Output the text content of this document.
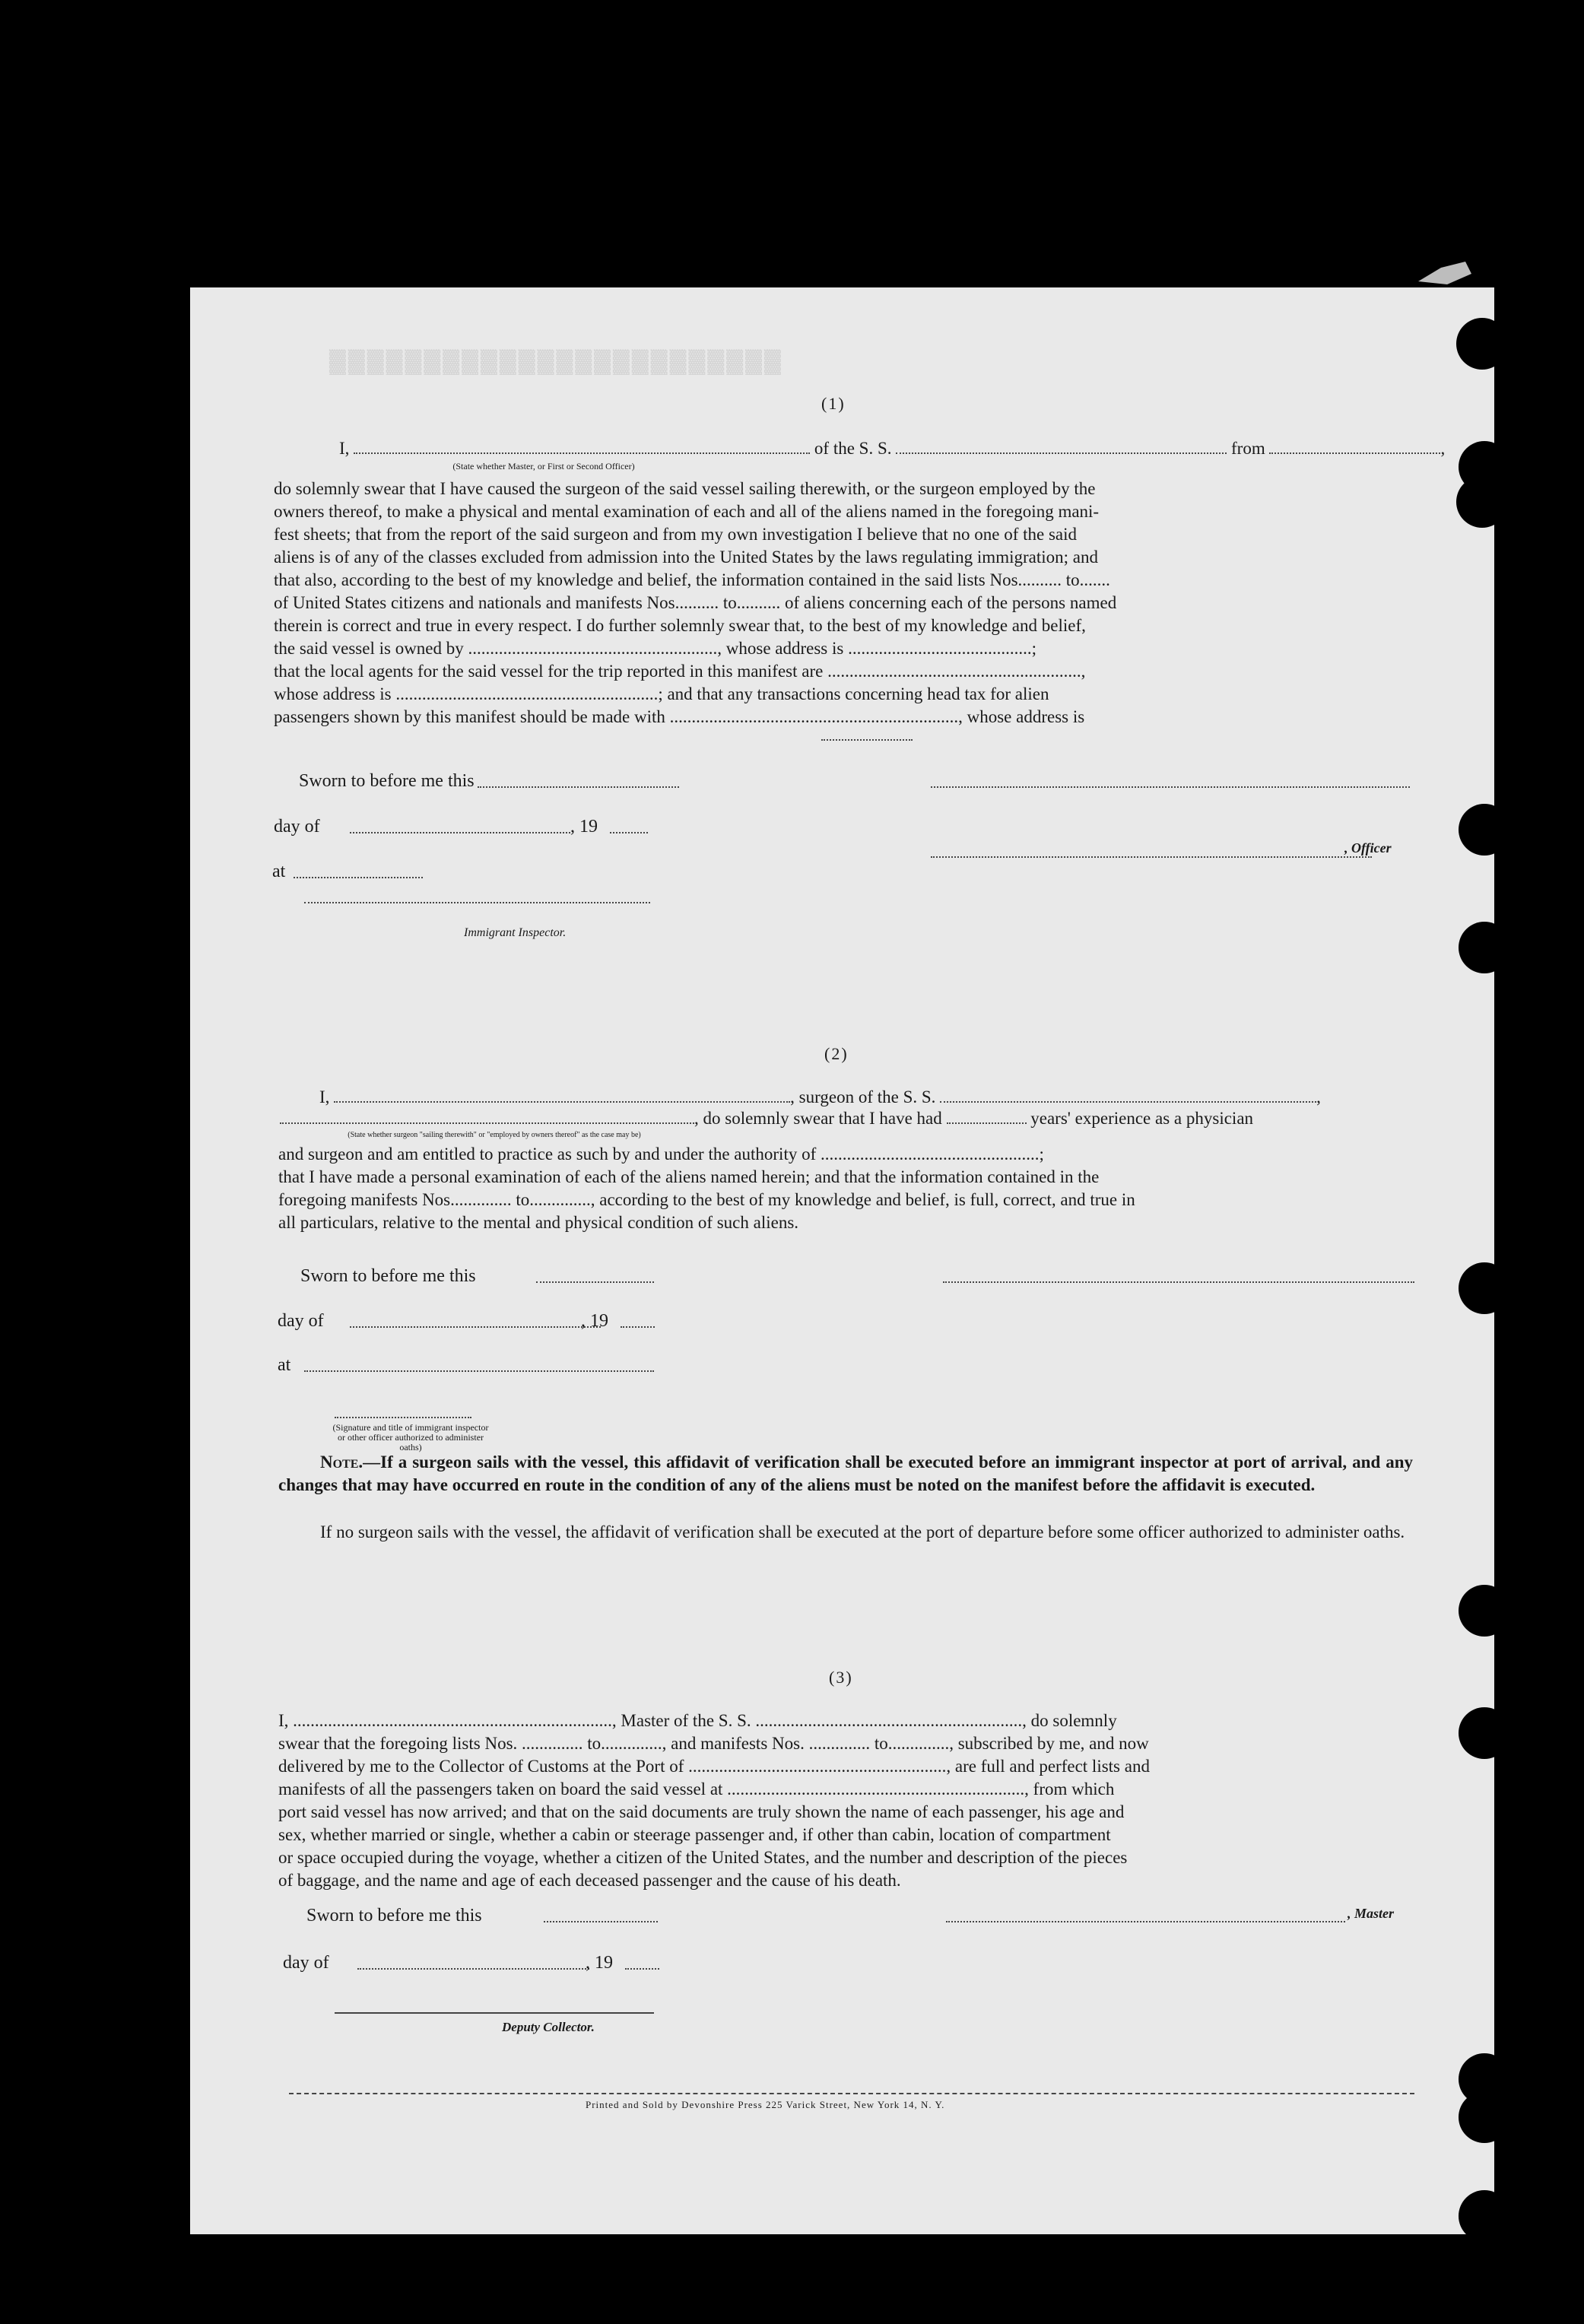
▓▓▓▓▓▓▓▓▓▓▓▓▓▓▓▓▓▓▓▓▓▓▓▓
(1)
I,	of the S. S.	from	,
(State whether Master, or First or Second Officer)
do solemnly swear that I have caused the surgeon of the said vessel sailing therewith, or the surgeon employed by the
owners thereof, to make a physical and mental examination of each and all of the aliens named in the foregoing mani-
fest sheets; that from the report of the said surgeon and from my own investigation I believe that no one of the said
aliens is of any of the classes excluded from admission into the United States by the laws regulating immigration; and
that also, according to the best of my knowledge and belief, the information contained in the said lists Nos.......... to.......
of United States citizens and nationals and manifests Nos.......... to.......... of aliens concerning each of the persons named
therein is correct and true in every respect. I do further solemnly swear that, to the best of my knowledge and belief,
the said vessel is owned by ........................................................., whose address is ..........................................;
that the local agents for the said vessel for the trip reported in this manifest are ..........................................................,
whose address is ............................................................; and that any transactions concerning head tax for alien
passengers shown by this manifest should be made with .................................................................., whose address is
Sworn to before me this
day of	, 19
, Officer
at
Immigrant Inspector.
(2)
I,	, surgeon of the S. S.	,
, do solemnly swear that I have had	years' experience as a physician
(State whether surgeon "sailing therewith" or "employed by owners thereof" as the case may be)
and surgeon and am entitled to practice as such by and under the authority of ..................................................;
that I have made a personal examination of each of the aliens named herein; and that the information contained in the
foregoing manifests Nos.............. to.............., according to the best of my knowledge and belief, is full, correct, and true in
all particulars, relative to the mental and physical condition of such aliens.
Sworn to before me this
day of	, 19
at
(Signature and title of immigrant inspector or other officer authorized to administer oaths)
Note.—If a surgeon sails with the vessel, this affidavit of verification shall be executed before an immigrant inspector at port of arrival, and any changes that may have occurred en route in the condition of any of the aliens must be noted on the manifest before the affidavit is executed.
If no surgeon sails with the vessel, the affidavit of verification shall be executed at the port of departure before some officer authorized to administer oaths.
(3)
I, ........................................................................., Master of the S. S. ............................................................., do solemnly
swear that the foregoing lists Nos. .............. to.............., and manifests Nos. .............. to.............., subscribed by me, and now
delivered by me to the Collector of Customs at the Port of ..........................................................., are full and perfect lists and
manifests of all the passengers taken on board the said vessel at ...................................................................., from which
port said vessel has now arrived; and that on the said documents are truly shown the name of each passenger, his age and
sex, whether married or single, whether a cabin or steerage passenger and, if other than cabin, location of compartment
or space occupied during the voyage, whether a citizen of the United States, and the number and description of the pieces
of baggage, and the name and age of each deceased passenger and the cause of his death.
Sworn to before me this	, Master
day of	, 19
Deputy Collector.
Printed and Sold by Devonshire Press 225 Varick Street, New York 14, N. Y.
